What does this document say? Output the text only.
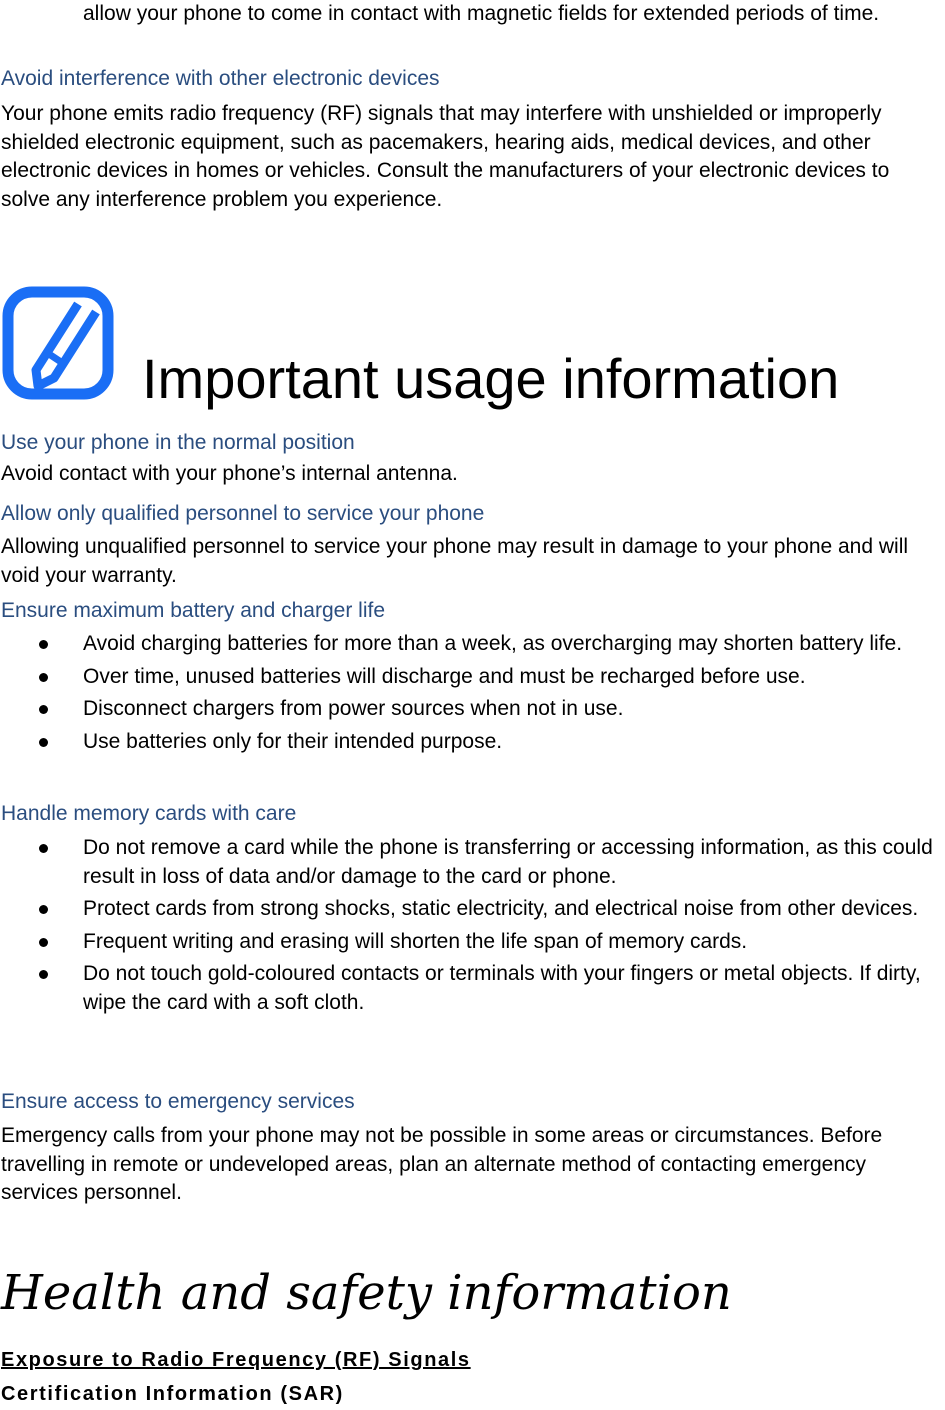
allow your phone to come in contact with magnetic fields for extended periods of time.
Avoid interference with other electronic devices
Your phone emits radio frequency (RF) signals that may interfere with unshielded or improperly shielded electronic equipment, such as pacemakers, hearing aids, medical devices, and other electronic devices in homes or vehicles. Consult the manufacturers of your electronic devices to solve any interference problem you experience.
Important usage information
Use your phone in the normal position
Avoid contact with your phone’s internal antenna.
Allow only qualified personnel to service your phone
Allowing unqualified personnel to service your phone may result in damage to your phone and will void your warranty.
Ensure maximum battery and charger life
Avoid charging batteries for more than a week, as overcharging may shorten battery life.
Over time, unused batteries will discharge and must be recharged before use.
Disconnect chargers from power sources when not in use.
Use batteries only for their intended purpose.
Handle memory cards with care
Do not remove a card while the phone is transferring or accessing information, as this could result in loss of data and/or damage to the card or phone.
Protect cards from strong shocks, static electricity, and electrical noise from other devices.
Frequent writing and erasing will shorten the life span of memory cards.
Do not touch gold-coloured contacts or terminals with your fingers or metal objects. If dirty, wipe the card with a soft cloth.
Ensure access to emergency services
Emergency calls from your phone may not be possible in some areas or circumstances. Before travelling in remote or undeveloped areas, plan an alternate method of contacting emergency services personnel.
Health and safety information
Exposure to Radio Frequency (RF) Signals
Certification Information (SAR)
